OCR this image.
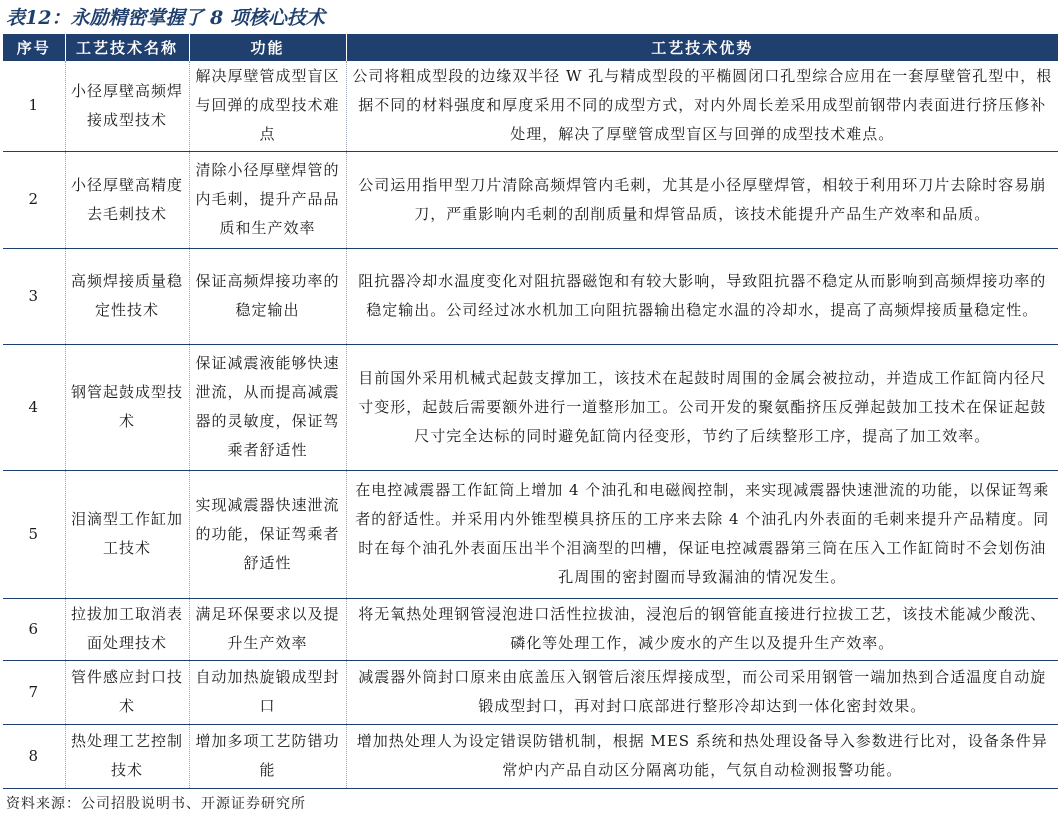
表12：永励精密掌握了 8 项核心技术
序号	工艺技术名称	功能	工艺技术优势
1	小径厚壁高频焊接成型技术	解决厚壁管成型盲区与回弹的成型技术难点	公司将粗成型段的边缘双半径 W 孔与精成型段的平椭圆闭口孔型综合应用在一套厚壁管孔型中，根据不同的材料强度和厚度采用不同的成型方式，对内外周长差采用成型前钢带内表面进行挤压修补处理，解决了厚壁管成型盲区与回弹的成型技术难点。
2	小径厚壁高精度去毛刺技术	清除小径厚壁焊管的内毛刺，提升产品品质和生产效率	公司运用指甲型刀片清除高频焊管内毛刺，尤其是小径厚壁焊管，相较于利用环刀片去除时容易崩刀，严重影响内毛刺的刮削质量和焊管品质，该技术能提升产品生产效率和品质。
3	高频焊接质量稳定性技术	保证高频焊接功率的稳定输出	阻抗器冷却水温度变化对阻抗器磁饱和有较大影响，导致阻抗器不稳定从而影响到高频焊接功率的稳定输出。公司经过冰水机加工向阻抗器输出稳定水温的冷却水，提高了高频焊接质量稳定性。
4	钢管起鼓成型技术	保证减震液能够快速泄流，从而提高减震器的灵敏度，保证驾乘者舒适性	目前国外采用机械式起鼓支撑加工，该技术在起鼓时周围的金属会被拉动，并造成工作缸筒内径尺寸变形，起鼓后需要额外进行一道整形加工。公司开发的聚氨酯挤压反弹起鼓加工技术在保证起鼓尺寸完全达标的同时避免缸筒内径变形，节约了后续整形工序，提高了加工效率。
5	泪滴型工作缸加工技术	实现减震器快速泄流的功能，保证驾乘者舒适性	在电控减震器工作缸筒上增加 4 个油孔和电磁阀控制，来实现减震器快速泄流的功能，以保证驾乘者的舒适性。并采用内外锥型模具挤压的工序来去除 4 个油孔内外表面的毛刺来提升产品精度。同时在每个油孔外表面压出半个泪滴型的凹槽，保证电控减震器第三筒在压入工作缸筒时不会划伤油孔周围的密封圈而导致漏油的情况发生。
6	拉拔加工取消表面处理技术	满足环保要求以及提升生产效率	将无氧热处理钢管浸泡进口活性拉拔油，浸泡后的钢管能直接进行拉拔工艺，该技术能减少酸洗、磷化等处理工作，减少废水的产生以及提升生产效率。
7	管件感应封口技术	自动加热旋锻成型封口	减震器外筒封口原来由底盖压入钢管后滚压焊接成型，而公司采用钢管一端加热到合适温度自动旋锻成型封口，再对封口底部进行整形冷却达到一体化密封效果。
8	热处理工艺控制技术	增加多项工艺防错功能	增加热处理人为设定错误防错机制，根据 MES 系统和热处理设备导入参数进行比对，设备条件异常炉内产品自动区分隔离功能，气氛自动检测报警功能。
资料来源：公司招股说明书、开源证券研究所
